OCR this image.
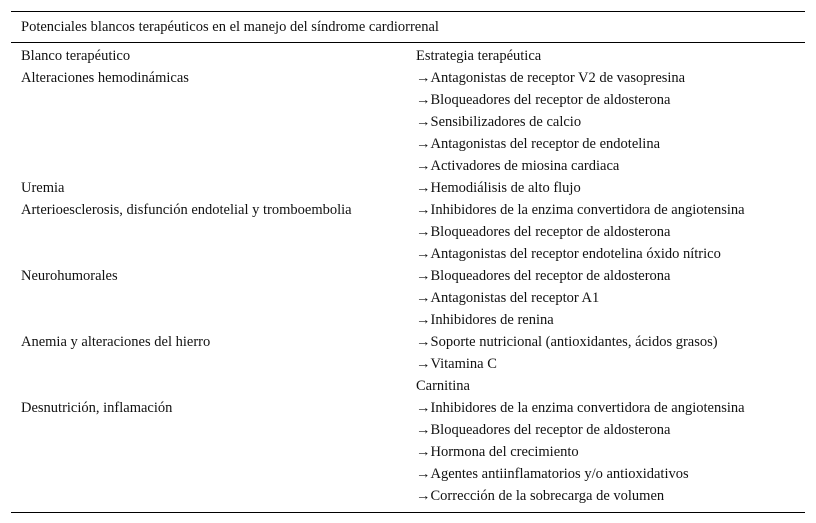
Potenciales blancos terapéuticos en el manejo del síndrome cardiorrenal
Blanco terapéutico	Estrategia terapéutica
Alteraciones hemodinámicas	→Antagonistas de receptor V2 de vasopresina
	→Bloqueadores del receptor de aldosterona
	→Sensibilizadores de calcio
	→Antagonistas del receptor de endotelina
	→Activadores de miosina cardiaca
Uremia	→Hemodiálisis de alto flujo
Arterioesclerosis, disfunción endotelial y tromboembolia	→Inhibidores de la enzima convertidora de angiotensina
	→Bloqueadores del receptor de aldosterona
	→Antagonistas del receptor endotelina óxido nítrico
Neurohumorales	→Bloqueadores del receptor de aldosterona
	→Antagonistas del receptor A1
	→Inhibidores de renina
Anemia y alteraciones del hierro	→Soporte nutricional (antioxidantes, ácidos grasos)
	→Vitamina C
	Carnitina
Desnutrición, inflamación	→Inhibidores de la enzima convertidora de angiotensina
	→Bloqueadores del receptor de aldosterona
	→Hormona del crecimiento
	→Agentes antiinflamatorios y/o antioxidativos
	→Corrección de la sobrecarga de volumen
